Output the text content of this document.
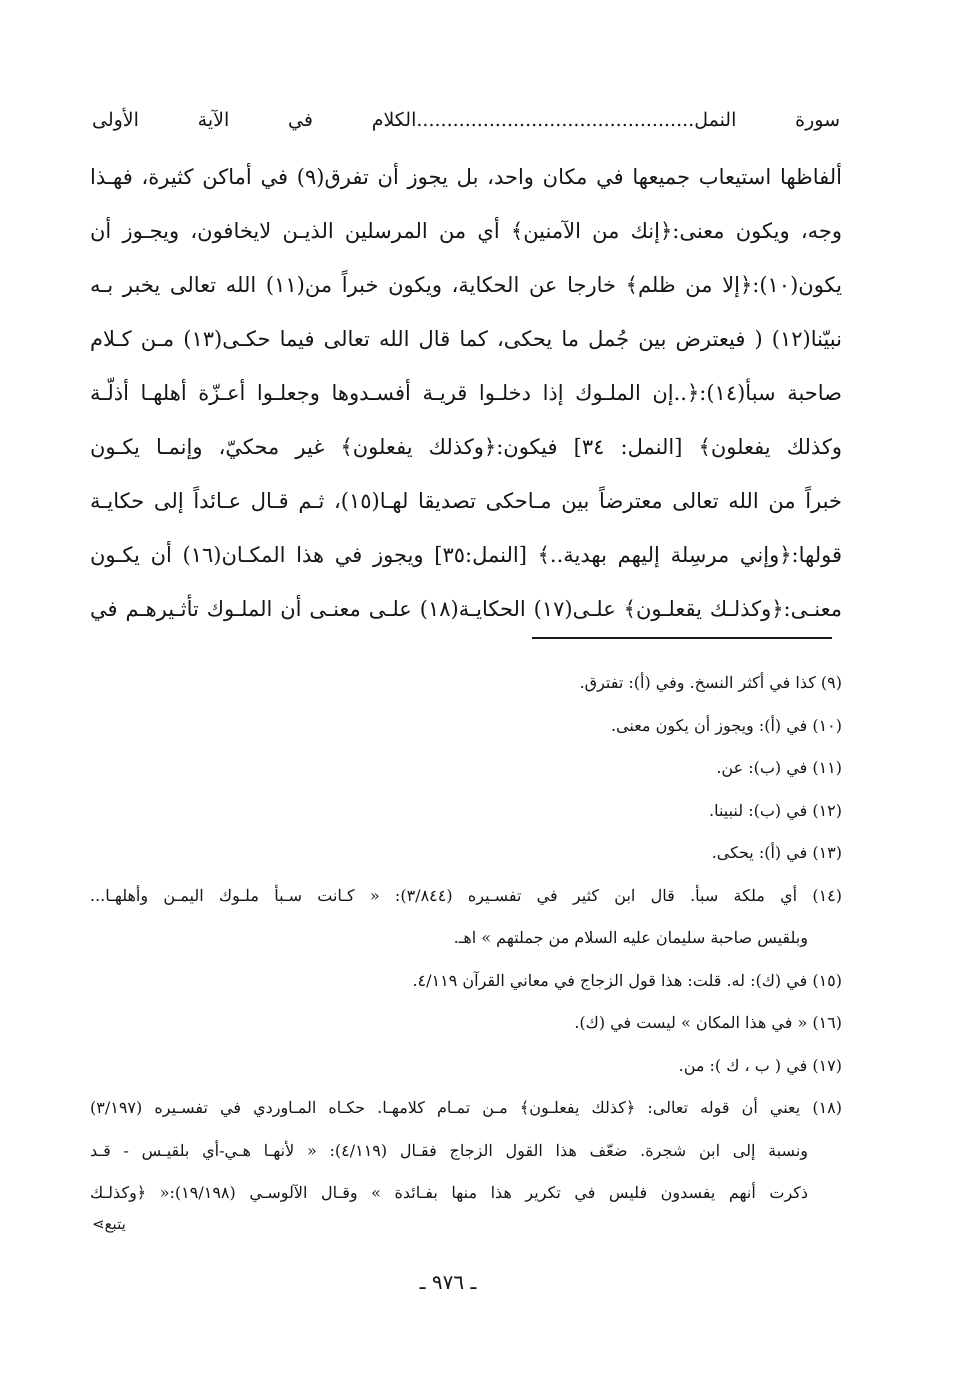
سورة النمل..............................................الكلام في الآية الأولى
ألفاظها استيعاب جميعها في مكان واحد، بل يجوز أن تفرق(٩) في أماكن كثيرة، فهـذا
وجه، ويكون معنى:﴿إنك من الآمنين﴾ أي من المرسلين الذيـن لايخافون، ويجـوز أن
يكون(١٠):﴿إلا من ظلم﴾ خارجا عن الحكاية، ويكون خبراً من(١١) الله تعالى يخبر بـه
نبيّنا(١٢) ( فيعترض بين جُمل ما يحكى، كما قال الله تعالى فيما حكـى(١٣) مـن كـلام
صاحبة سبأ(١٤):﴿..إن الملـوك إذا دخلـوا قريـة أفسـدوها وجعلـوا أعـزّة أهلهـا أذلّـة
وكذلك يفعلون﴾ [النمل: ٣٤] فيكون:﴿وكذلك يفعلون﴾ غير محكيّ، وإنمـا يكـون
خبراً من الله تعالى معترضاً بين مـاحكى تصديقا لهـا(١٥)، ثـم قـال عـائداً إلى حكايـة
قولها:﴿وإني مرسِلة إليهم بهدية..﴾ [النمل:٣٥] ويجوز في هذا المكـان(١٦) أن يكـون
معنـى:﴿وكذلـك يقعلـون﴾ علـى(١٧) الحكايـة(١٨) علـى معنـى أن الملـوك تأثـيرهـم في
(٩) كذا في أكثر النسخ. وفي (أ): تفترق.
(١٠) في (أ): ويجوز أن يكون معنى.
(١١) في (ب): عن.
(١٢) في (ب): لنبينا.
(١٣) في (أ): يحكى.
(١٤) أي ملكة سبأ. قال ابن كثير في تفسـيره (٣/٨٤٤): « كـانت سـبأ ملـوك اليمـن وأهلهـا...
وبلقيس صاحبة سليمان عليه السلام من جملتهم » اهـ.
(١٥) في (ك): له. قلت: هذا قول الزجاج في معاني القرآن ٤/١١٩.
(١٦) « في هذا المكان » ليست في (ك).
(١٧) في ( ب ، ك ): من.
(١٨) يعني أن قوله تعالى: ﴿كذلك يفعلـون﴾ مـن تمـام كلامهـا. حكـاه المـاوردي في تفسـيره (٣/١٩٧)
ونسبة إلى ابن شجرة. ضعّف هذا القول الزجاج فقـال (٤/١١٩): « لأنهـا هـي-أي بلقيـس - قـد
ذكرت أنهم يفسدون فليس في تكرير هذا منها بفـائدة » وقـال الآلوسـي (١٩/١٩٨):« ﴿وكذلـك
يتبع⋗
ـ ٩٧٦ ـ
